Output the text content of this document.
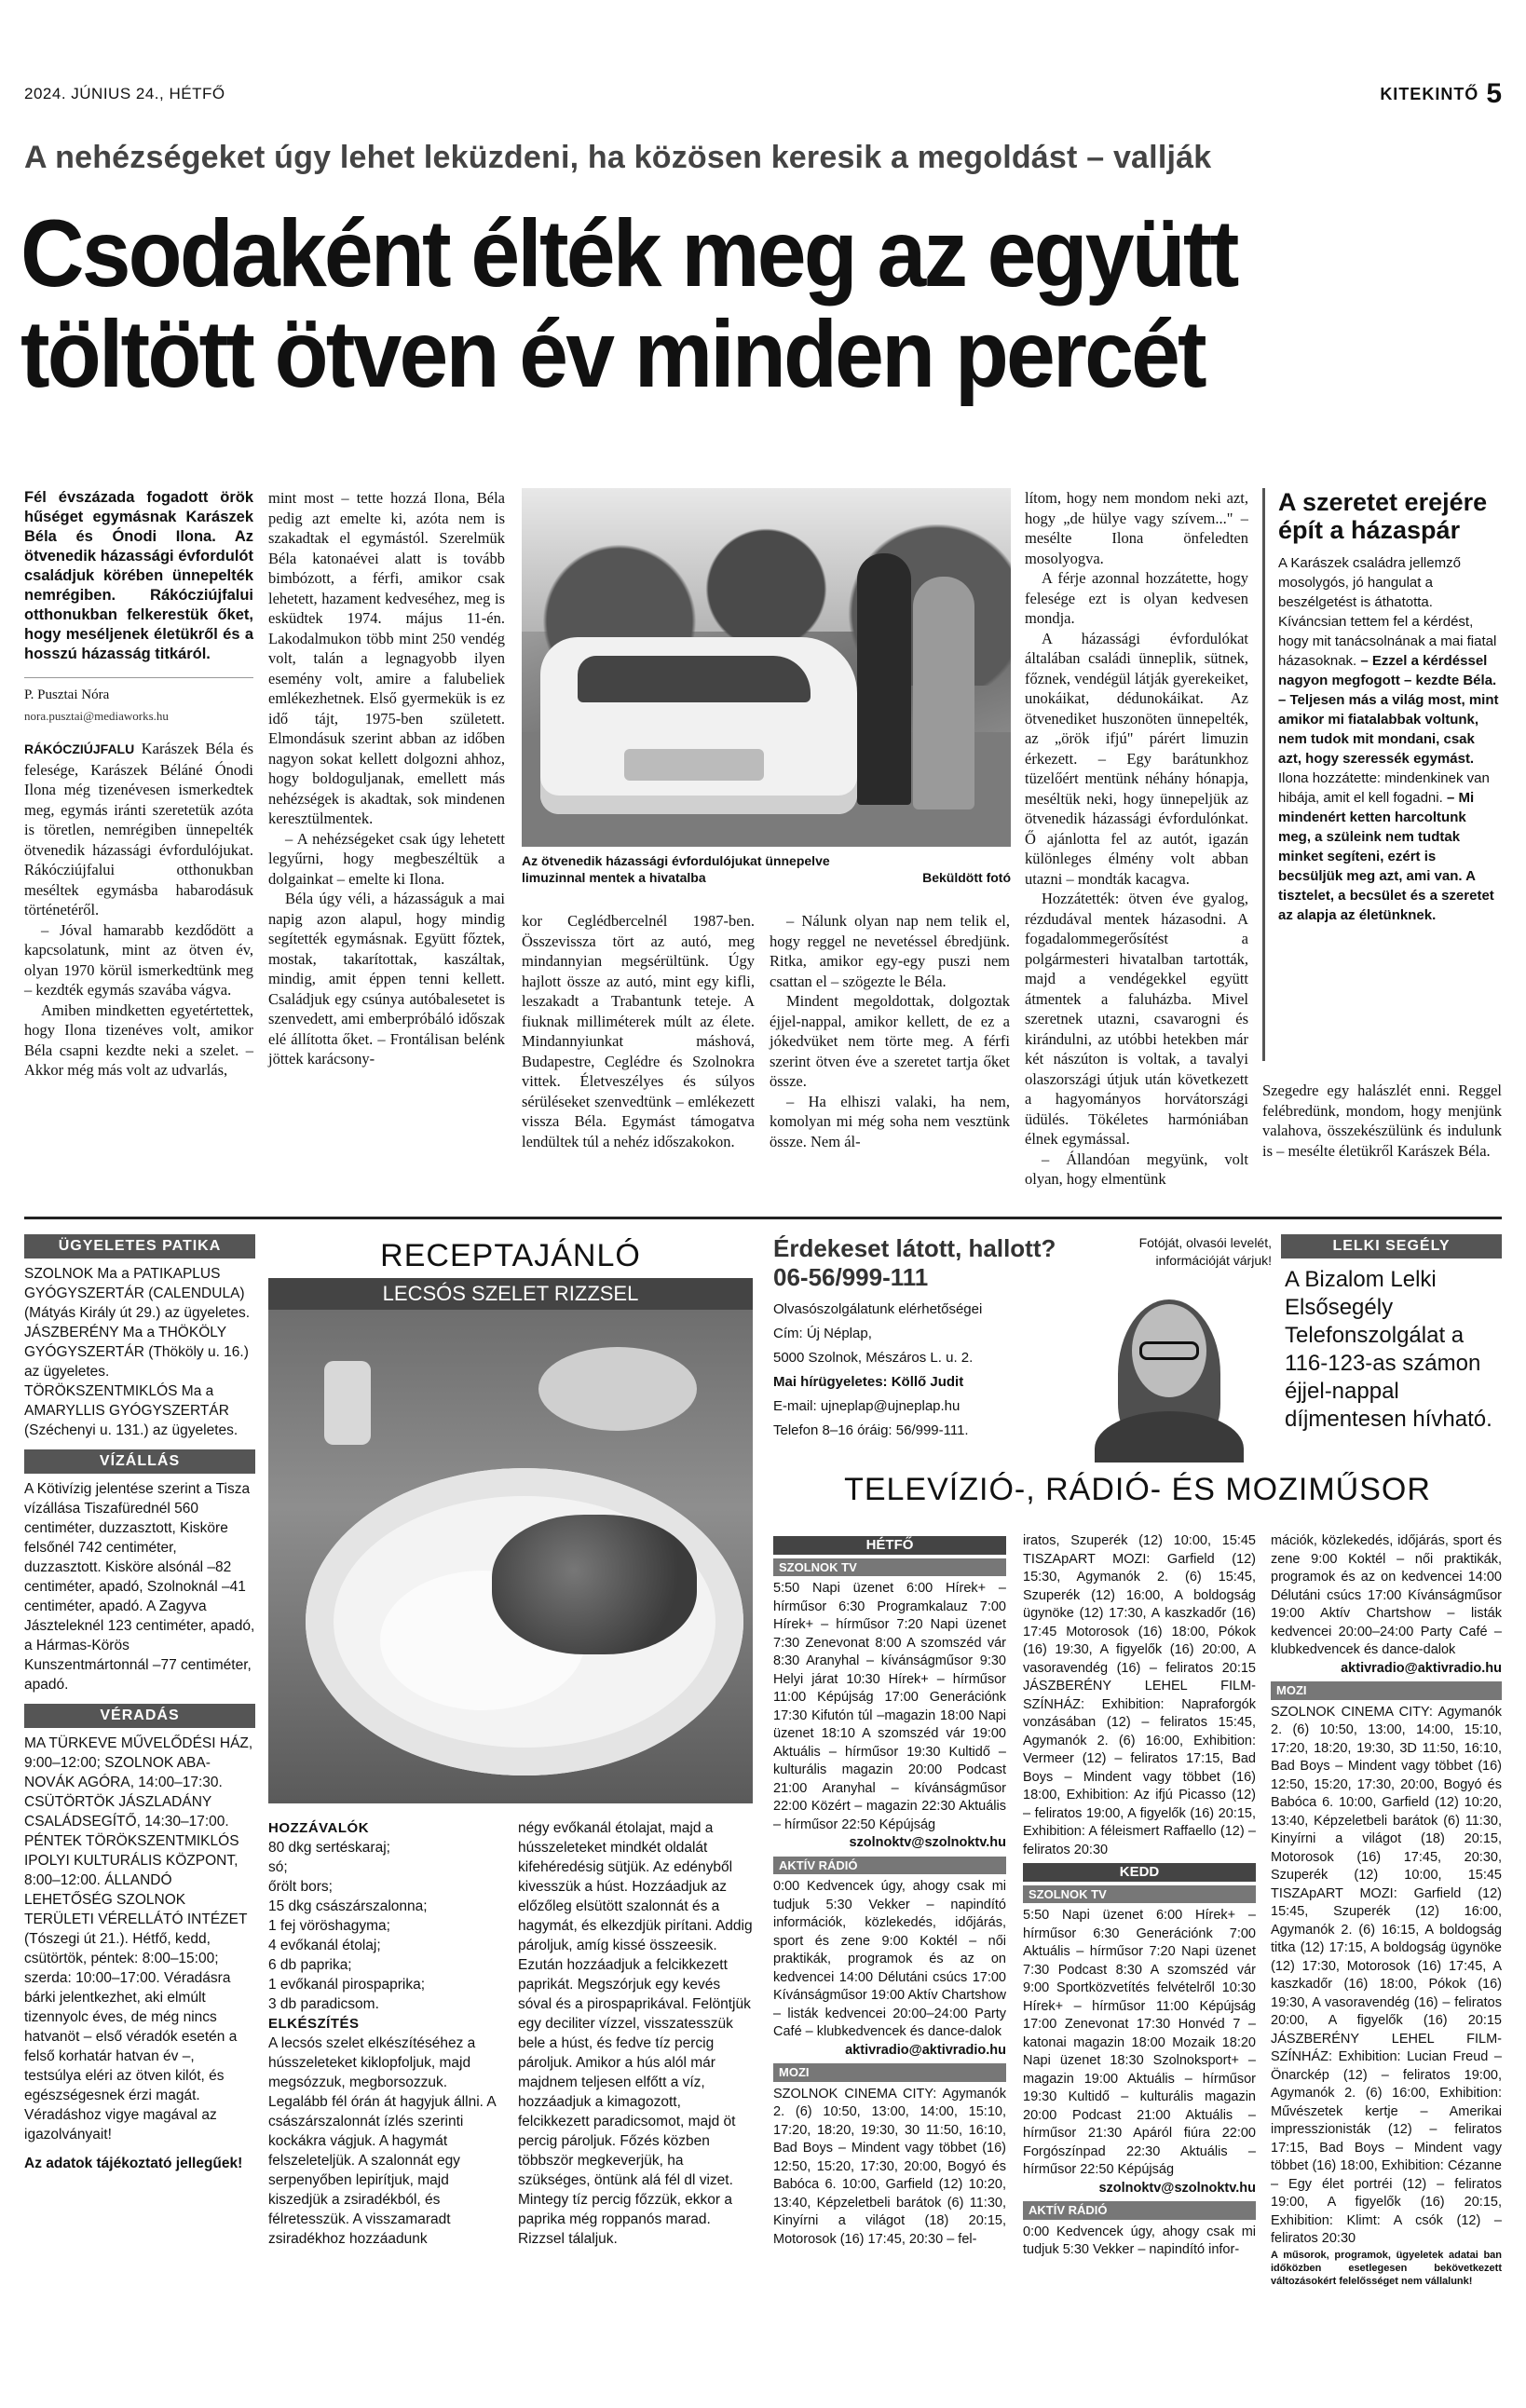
2024. JÚNIUS 24., HÉTFŐ	KITEKINTŐ 5
A nehézségeket úgy lehet leküzdeni, ha közösen keresik a megoldást – vallják
Csodaként élték meg az együtt
töltött ötven év minden percét

Fél évszázada fogadott örök hűséget egymásnak Karászek Béla és Ónodi Ilona. Az ötvenedik házassági évfordulót családjuk körében ünnepelték nemrégiben. Rákócziújfalui otthonukban felkerestük őket, hogy meséljenek életükről és a hosszú házasság titkáról.

P. Pusztai Nóra
nora.pusztai@mediaworks.hu

RÁKÓCZIÚJFALU Karászek Béla és felesége, Karászek Béláné Ónodi Ilona még tizenévesen ismerkedtek meg, egymás iránti szeretetük azóta is töretlen, nemrégiben ünnepelték ötvenedik házassági évfordulójukat. Rákócziújfalui otthonukban meséltek egymásba habarodásuk történetéről.

– Jóval hamarabb kezdődött a kapcsolatunk, mint az ötven év, olyan 1970 körül ismerkedtünk meg – kezdték egymás szavába vágva.

Amiben mindketten egyetértettek, hogy Ilona tizenéves volt, amikor Béla csapni kezdte neki a szelet. – Akkor még más volt az udvarlás,

mint most – tette hozzá Ilona, Béla pedig azt emelte ki, azóta nem is szakadtak el egymástól. Szerelmük Béla katonaévei alatt is tovább bimbózott, a férfi, amikor csak lehetett, hazament kedveséhez, meg is esküdtek 1974. május 11-én. Lakodalmukon több mint 250 vendég volt, talán a legnagyobb ilyen esemény volt, amire a falubeliek emlékezhetnek. Első gyermekük is ez idő tájt, 1975-ben született. Elmondásuk szerint abban az időben nagyon sokat kellett dolgozni ahhoz, hogy boldoguljanak, emellett más nehézségek is akadtak, sok mindenen keresztülmentek.

– A nehézségeket csak úgy lehetett legyűrni, hogy megbeszéltük a dolgainkat – emelte ki Ilona.

Béla úgy véli, a házasságuk a mai napig azon alapul, hogy mindig segítették egymásnak. Együtt főztek, mostak, takarítottak, kaszáltak, mindig, amit éppen tenni kellett. Családjuk egy csúnya autóbalesetet is szenvedett, ami emberpróbáló időszak elé állította őket. – Frontálisan belénk jöttek karácsony-

Az ötvenedik házassági évfordulójukat ünnepelve limuzinnal mentek a hivatalba	Beküldött fotó

kor Ceglédbercelnél 1987-ben. Összevissza tört az autó, meg mindannyian megsérültünk. Úgy hajlott össze az autó, mint egy kifli, leszakadt a Trabantunk teteje. A fiuknak milliméterek múlt az élete. Mindannyiunkat máshová, Budapestre, Ceglédre és Szolnokra vittek. Életveszélyes és súlyos sérüléseket szenvedtünk – emlékezett vissza Béla. Egymást támogatva lendültek túl a nehéz időszakokon.

– Nálunk olyan nap nem telik el, hogy reggel ne nevetéssel ébredjünk. Ritka, amikor egy-egy puszi nem csattan el – szögezte le Béla.

Mindent megoldottak, dolgoztak éjjel-nappal, amikor kellett, de ez a jókedvüket nem törte meg. A férfi szerint ötven éve a szeretet tartja őket össze.

– Ha elhiszi valaki, ha nem, komolyan mi még soha nem vesztünk össze. Nem ál-

lítom, hogy nem mondom neki azt, hogy „de hülye vagy szívem..." – mesélte Ilona önfeledten mosolyogva.

A férje azonnal hozzátette, hogy felesége ezt is olyan kedvesen mondja.

A házassági évfordulókat általában családi ünneplik, sütnek, főznek, vendégül látják gyerekeiket, unokáikat, dédunokáikat. Az ötvenediket huszonöten ünnepelték, az „örök ifjú" párért limuzin érkezett. – Egy barátunkhoz tüzelőért mentünk néhány hónapja, meséltük neki, hogy ünnepeljük az ötvenedik házassági évfordulónkat. Ő ajánlotta fel az autót, igazán különleges élmény volt abban utazni – mondták kacagva.

Hozzátették: ötven éve gyalog, rézdudával mentek házasodni. A fogadalommegerősítést a polgármesteri hivatalban tartották, majd a vendégekkel együtt átmentek a faluházba. Mivel szeretnek utazni, csavarogni és kirándulni, az utóbbi hetekben már két nászúton is voltak, a tavalyi olaszországi útjuk után következett a hagyományos horvátországi üdülés. Tökéletes harmóniában élnek egymással.

– Állandóan megyünk, volt olyan, hogy elmentünk

A szeretet erejére épít a házaspár
A Karászek családra jellemző mosolygós, jó hangulat a beszélgetést is áthatotta. Kíváncsian tettem fel a kérdést, hogy mit tanácsolnának a mai fiatal házasoknak. – Ezzel a kérdéssel nagyon megfogott – kezdte Béla. – Teljesen más a világ most, mint amikor mi fiatalabbak voltunk, nem tudok mit mondani, csak azt, hogy szeressék egymást. Ilona hozzátette: mindenkinek van hibája, amit el kell fogadni. – Mi mindenért ketten harcoltunk meg, a szüleink nem tudtak minket segíteni, ezért is becsüljük meg azt, ami van. A tisztelet, a becsület és a szeretet az alapja az életünknek.

Szegedre egy halászlét enni. Reggel felébredünk, mondom, hogy menjünk valahova, összekészülünk és indulunk is – mesélte életükről Karászek Béla.

ÜGYELETES PATIKA
SZOLNOK Ma a PATIKAPLUS GYÓGYSZERTÁR (CALENDULA) (Mátyás Király út 29.) az ügyeletes. JÁSZBERÉNY Ma a THÖKÖLY GYÓGYSZERTÁR (Thököly u. 16.) az ügyeletes. TÖRÖKSZENTMIKLÓS Ma a AMARYLLIS GYÓGYSZERTÁR (Széchenyi u. 131.) az ügyeletes.
VÍZÁLLÁS
A Kötivízig jelentése szerint a Tisza vízállása Tiszafürednél 560 centiméter, duzzasztott, Kisköre felsőnél 742 centiméter, duzzasztott. Kisköre alsónál –82 centiméter, apadó, Szolnoknál –41 centiméter, apadó. A Zagyva Jászteleknél 123 centiméter, apadó, a Hármas-Körös Kunszentmártonnál –77 centiméter, apadó.
VÉRADÁS
MA TÜRKEVE MŰVELŐDÉSI HÁZ, 9:00–12:00; SZOLNOK ABA-NOVÁK AGÓRA, 14:00–17:30. CSÜTÖRTÖK JÁSZLADÁNY CSALÁDSEGÍTŐ, 14:30–17:00. PÉNTEK TÖRÖKSZENTMIKLÓS IPOLYI KULTURÁLIS KÖZPONT, 8:00–12:00. ÁLLANDÓ LEHETŐSÉG SZOLNOK TERÜLETI VÉRELLÁTÓ INTÉZET (Tószegi út 21.). Hétfő, kedd, csütörtök, péntek: 8:00–15:00; szerda: 10:00–17:00. Véradásra bárki jelentkezhet, aki elmúlt tizennyolc éves, de még nincs hatvanöt – első véradók esetén a felső korhatár hatvan év –, testsúlya eléri az ötven kilót, és egészségesnek érzi magát. Véradáshoz vigye magával az igazolványait!
Az adatok tájékoztató jellegűek!
RECEPTAJÁNLÓ
LECSÓS SZELET RIZZSEL
HOZZÁVALÓK
80 dkg sertéskaraj;
só;
őrölt bors;
15 dkg császárszalonna;
1 fej vöröshagyma;
4 evőkanál étolaj;
6 db paprika;
1 evőkanál pirospaprika;
3 db paradicsom.
ELKÉSZÍTÉS
A lecsós szelet elkészítéséhez a hússzeleteket kiklopfoljuk, majd megsózzuk, megborsozzuk. Legalább fél órán át hagyjuk állni. A császárszalonnát ízlés szerinti kockákra vágjuk. A hagymát felszeleteljük. A szalonnát egy serpenyőben lepirítjuk, majd kiszedjük a zsiradékból, és félretesszük. A visszamaradt zsiradékhoz hozzáadunk
négy evőkanál étolajat, majd a hússzeleteket mindkét oldalát kifehéredésig sütjük. Az edényből kivesszük a húst. Hozzáadjuk az előzőleg elsütött szalonnát és a hagymát, és elkezdjük pirítani. Addig pároljuk, amíg kissé összeesik. Ezután hozzáadjuk a felcikkezett paprikát. Megszórjuk egy kevés sóval és a pirospaprikával. Felöntjük egy deciliter vízzel, visszatesszük bele a húst, és fedve tíz percig pároljuk. Amikor a hús alól már majdnem teljesen elfőtt a víz, hozzáadjuk a kimagozott, felcikkezett paradicsomot, majd öt percig pároljuk. Főzés közben többször megkeverjük, ha szükséges, öntünk alá fél dl vizet. Mintegy tíz percig főzzük, ekkor a paprika még roppanós marad. Rizzsel tálaljuk.
Érdekeset látott, hallott?
06-56/999-111
Olvasószolgálatunk elérhetőségei
Cím: Új Néplap,
5000 Szolnok, Mészáros L. u. 2.
Mai hírügyeletes: Köllő Judit
E-mail: ujneplap@ujneplap.hu
Telefon 8–16 óráig: 56/999-111.
Fotóját, olvasói levelét, információját várjuk!
LELKI SEGÉLY
A Bizalom Lelki Elsősegély Telefonszolgálat a 116-123-as számon éjjel-nappal díjmentesen hívható.
TELEVÍZIÓ-, RÁDIÓ- ÉS MOZIMŰSOR
HÉTFŐ
SZOLNOK TV
5:50 Napi üzenet 6:00 Hírek+ – hírműsor 6:30 Programkalauz 7:00 Hírek+ – hírműsor 7:20 Napi üzenet 7:30 Zenevonat 8:00 A szomszéd vár 8:30 Aranyhal – kívánságműsor 9:30 Helyi járat 10:30 Hírek+ – hírműsor 11:00 Képújság 17:00 Generációnk 17:30 Kifutón túl –magazin 18:00 Napi üzenet 18:10 A szomszéd vár 19:00 Aktuális – hírműsor 19:30 Kultidő – kulturális magazin 20:00 Podcast 21:00 Aranyhal – kívánságműsor 22:00 Közért – magazin 22:30 Aktuális – hírműsor 22:50 Képújság
szolnoktv@szolnoktv.hu
AKTÍV RÁDIÓ
0:00 Kedvencek úgy, ahogy csak mi tudjuk 5:30 Vekker – napindító információk, közlekedés, időjárás, sport és zene 9:00 Koktél – női praktikák, programok és az on kedvencei 14:00 Délutáni csúcs 17:00 Kívánságműsor 19:00 Aktív Chartshow – listák kedvencei 20:00–24:00 Party Café – klubkedvencek és dance-dalok
aktivradio@aktivradio.hu
MOZI
SZOLNOK CINEMA CITY: Agymanók 2. (6) 10:50, 13:00, 14:00, 15:10, 17:20, 18:20, 19:30, 30 11:50, 16:10, Bad Boys – Mindent vagy többet (16) 12:50, 15:20, 17:30, 20:00, Bogyó és Babóca 6. 10:00, Garfield (12) 10:20, 13:40, Képzeletbeli barátok (6) 11:30, Kinyírni a világot (18) 20:15, Motorosok (16) 17:45, 20:30 – fel-
iratos, Szuperék (12) 10:00, 15:45 TISZApART MOZI: Garfield (12) 15:30, Agymanók 2. (6) 15:45, Szuperék (12) 16:00, A boldogság ügynöke (12) 17:30, A kaszkadőr (16) 17:45 Motorosok (16) 18:00, Pókok (16) 19:30, A figyelők (16) 20:00, A vasoravendég (16) – feliratos 20:15 JÁSZBERÉNY LEHEL FILM-SZÍNHÁZ: Exhibition: Napraforgók vonzásában (12) – feliratos 15:45, Agymanók 2. (6) 16:00, Exhibition: Vermeer (12) – feliratos 17:15, Bad Boys – Mindent vagy többet (16) 18:00, Exhibition: Az ifjú Picasso (12) – feliratos 19:00, A figyelők (16) 20:15, Exhibition: A féleismert Raffaello (12) – feliratos 20:30
KEDD
SZOLNOK TV
5:50 Napi üzenet 6:00 Hírek+ – hírműsor 6:30 Generációnk 7:00 Aktuális – hírműsor 7:20 Napi üzenet 7:30 Podcast 8:30 A szomszéd vár 9:00 Sportközvetítés felvételről 10:30 Hírek+ – hírműsor 11:00 Képújság 17:00 Zenevonat 17:30 Honvéd 7 – katonai magazin 18:00 Mozaik 18:20 Napi üzenet 18:30 Szolnoksport+ – magazin 19:00 Aktuális – hírműsor 19:30 Kultidő – kulturális magazin 20:00 Podcast 21:00 Aktuális – hírműsor 21:30 Apáról fiúra 22:00 Forgószínpad 22:30 Aktuális – hírműsor 22:50 Képújság
szolnoktv@szolnoktv.hu
AKTÍV RÁDIÓ
0:00 Kedvencek úgy, ahogy csak mi tudjuk 5:30 Vekker – napindító infor-
mációk, közlekedés, időjárás, sport és zene 9:00 Koktél – női praktikák, programok és az on kedvencei 14:00 Délutáni csúcs 17:00 Kívánságműsor 19:00 Aktív Chartshow – listák kedvencei 20:00–24:00 Party Café – klubkedvencek és dance-dalok
aktivradio@aktivradio.hu
MOZI
SZOLNOK CINEMA CITY: Agymanók 2. (6) 10:50, 13:00, 14:00, 15:10, 17:20, 18:20, 19:30, 3D 11:50, 16:10, Bad Boys – Mindent vagy többet (16) 12:50, 15:20, 17:30, 20:00, Bogyó és Babóca 6. 10:00, Garfield (12) 10:20, 13:40, Képzeletbeli barátok (6) 11:30, Kinyírni a világot (18) 20:15, Motorosok (16) 17:45, 20:30, Szuperék (12) 10:00, 15:45 TISZApART MOZI: Garfield (12) 15:45, Szuperék (12) 16:00, Agymanók 2. (6) 16:15, A boldogság titka (12) 17:15, A boldogság ügynöke (12) 17:30, Motorosok (16) 17:45, A kaszkadőr (16) 18:00, Pókok (16) 19:30, A vasoravendég (16) – feliratos 20:00, A figyelők (16) 20:15 JÁSZBERÉNY LEHEL FILM-SZÍNHÁZ: Exhibition: Lucian Freud – Önarckép (12) – feliratos 19:00, Agymanók 2. (6) 16:00, Exhibition: Művészetek kertje – Amerikai impresszionisták (12) – feliratos 17:15, Bad Boys – Mindent vagy többet (16) 18:00, Exhibition: Cézanne – Egy élet portréi (12) – feliratos 19:00, A figyelők (16) 20:15, Exhibition: Klimt: A csók (12) – feliratos 20:30
A műsorok, programok, ügyeletek adatai ban időközben esetlegesen bekövetkezett változásokért felelősséget nem vállalunk!
